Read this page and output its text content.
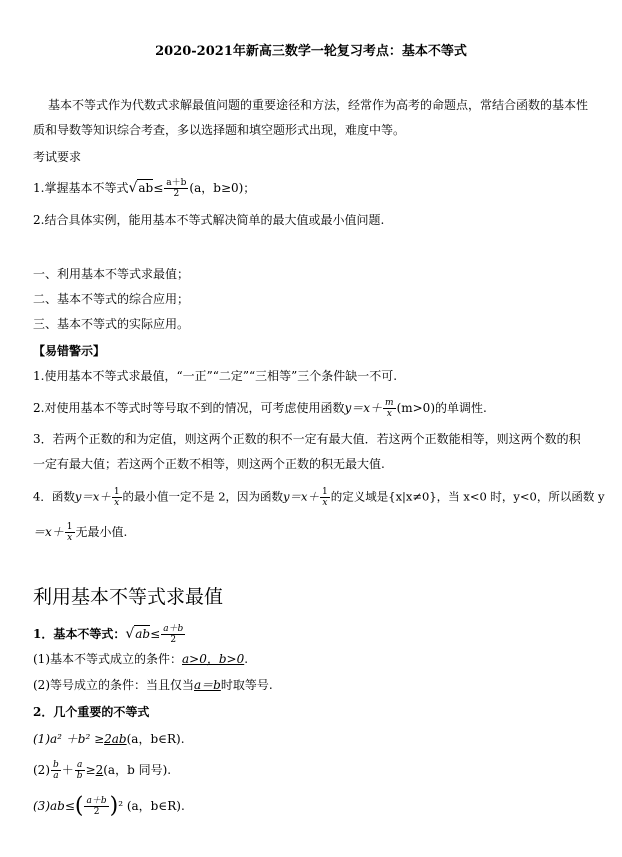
2020-2021年新高三数学一轮复习考点：基本不等式
基本不等式作为代数式求解最值问题的重要途径和方法，经常作为高考的命题点，常结合函数的基本性
质和导数等知识综合考查，多以选择题和填空题形式出现，难度中等。
考试要求
1.掌握基本不等式$√ab\le \frac{a+b}{2} (a$，b≥0)；
2.结合具体实例，能用基本不等式解决简单的最大值或最小值问题.
一、利用基本不等式求最值；
二、基本不等式的综合应用；
三、基本不等式的实际应用。
【易错警示】
1.使用基本不等式求最值，“一正”“二定”“三相等”三个条件缺一不可.
2.对使用基本不等式时等号取不到的情况，可考虑使用函数$y=x+ \frac{m}{x} (m>0)$的单调性.
3．若两个正数的和为定值，则这两个正数的积不一定有最大值．若这两个正数能相等，则这两个数的积
一定有最大值；若这两个正数不相等，则这两个正数的积无最大值.
4．函数$y=x+ \frac{1}{x}$ 的最小值一定不是 2，因为函数$y=x+ \frac{1}{x}$ 的定义域是{x|x≠0}，当 x<0 时，y<0，所以函数 y
$=x+ \frac{1}{x}$ 无最小值.
利用基本不等式求最值
1．基本不等式：$√ab\le \frac{a+b}{2}$
(1)基本不等式成立的条件：a>0，b>0.
(2)等号成立的条件：当且仅当a＝b时取等号.
2．几个重要的不等式
(1)a² ＋b² ≥2ab(a，b∈R).
$(2) \frac{b}{a} + \frac{a}{b} \ge 2(a$，b 同号).
$(3)ab\le( \frac{a+b}{2} )^2$ (a，b∈R).
